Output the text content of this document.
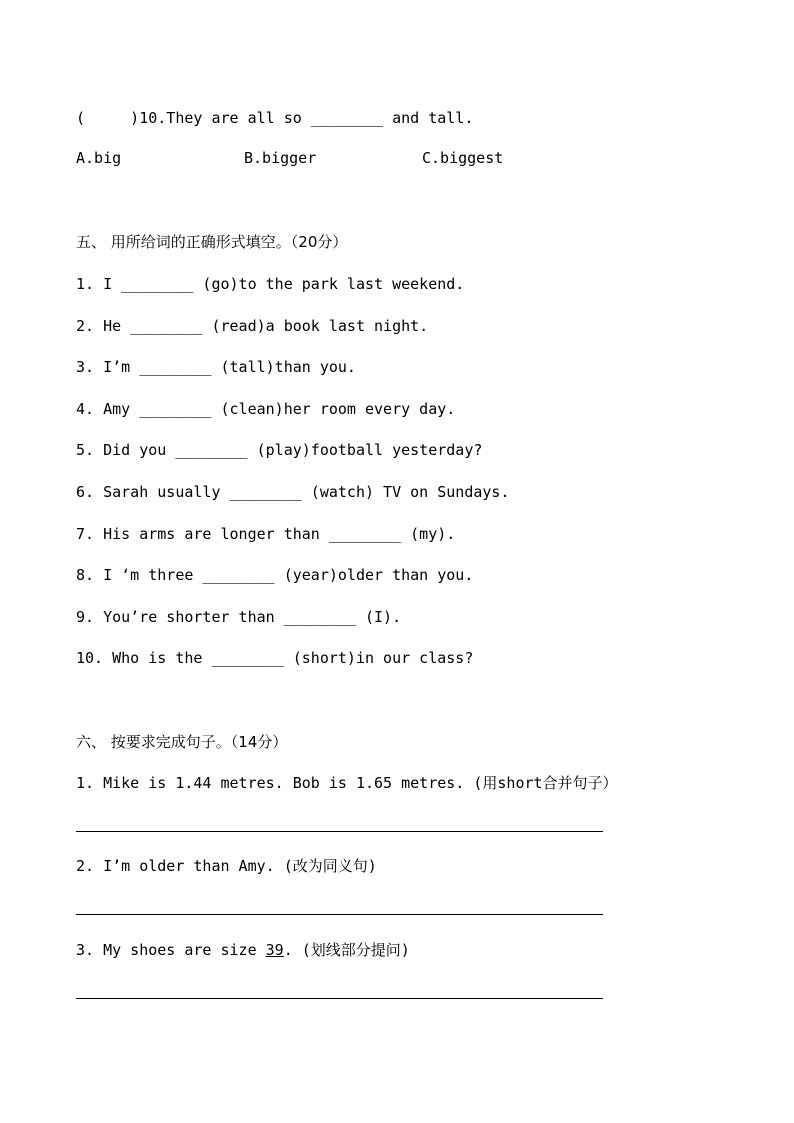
(     )10.They are all so ________ and tall.
A.big	B.bigger	C.biggest
五、 用所给词的正确形式填空。（20分）
1. I ________ (go)to the park last weekend.
2. He ________ (read)a book last night.
3. I’m ________ (tall)than you.
4. Amy ________ (clean)her room every day.
5. Did you ________ (play)football yesterday?
6. Sarah usually ________ (watch) TV on Sundays.
7. His arms are longer than ________ (my).
8. I ‘m three ________ (year)older than you.
9. You’re shorter than ________ (I).
10. Who is the ________ (short)in our class?
六、 按要求完成句子。（14分）
1. Mike is 1.44 metres. Bob is 1.65 metres. (用short合并句子）
2. I’m older than Amy. (改为同义句)
3. My shoes are size 39. (划线部分提问)
